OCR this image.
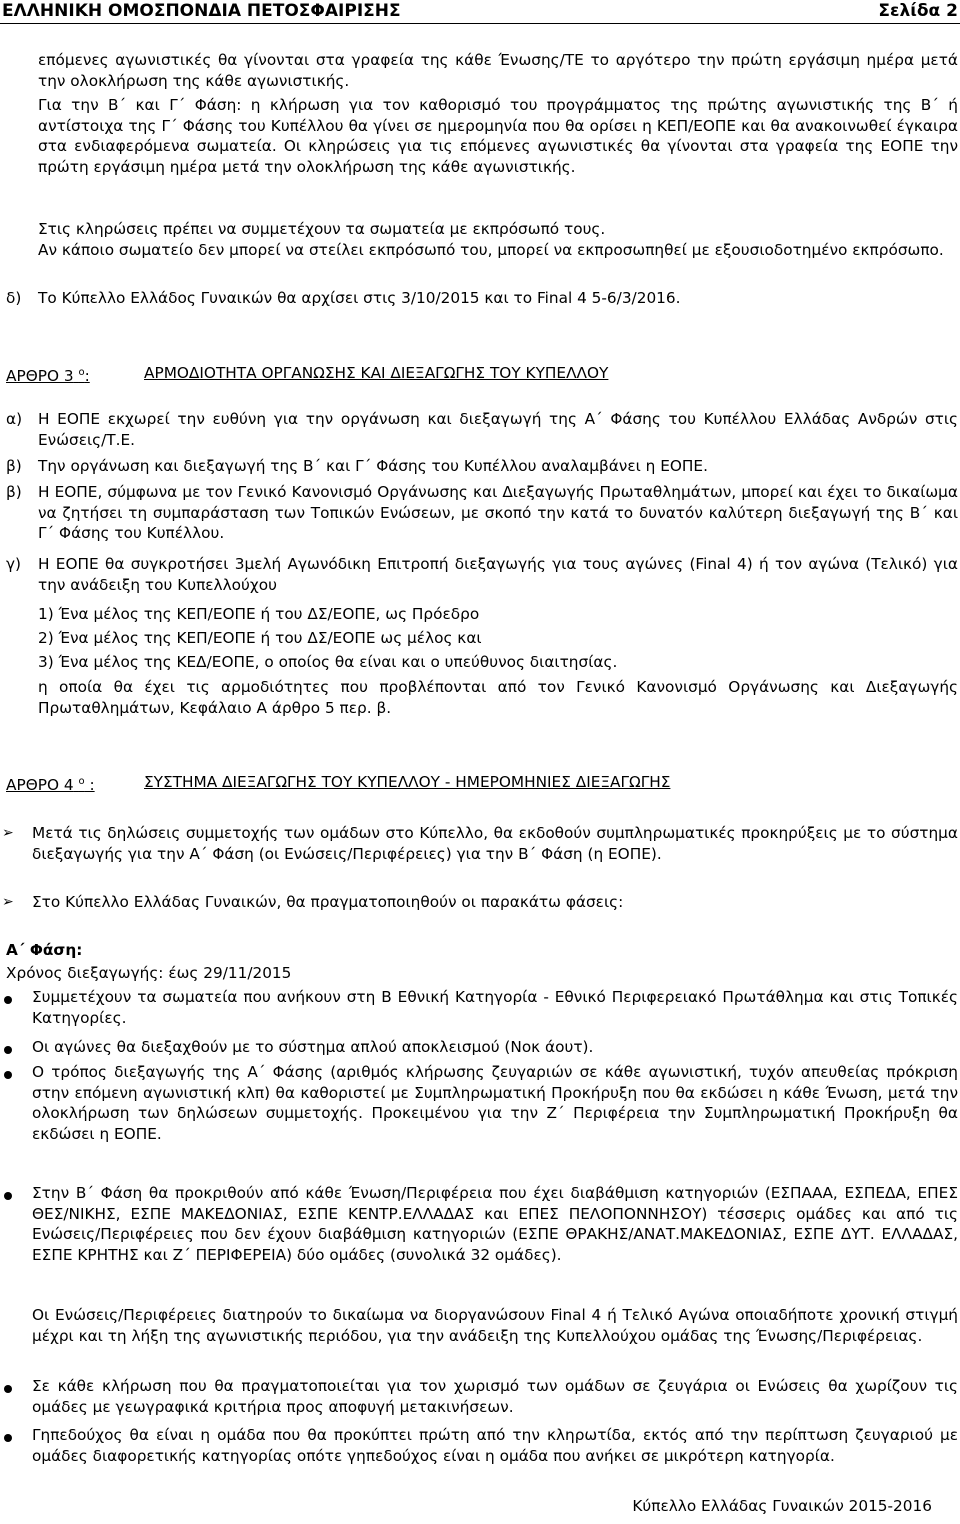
ΕΛΛΗΝΙΚΗ ΟΜΟΣΠΟΝΔΙΑ ΠΕΤΟΣΦΑΙΡΙΣΗΣ	Σελίδα 2
επόμενες αγωνιστικές θα γίνονται στα γραφεία της κάθε Ένωσης/ΤΕ το αργότερο την πρώτη εργάσιμη ημέρα μετά την ολοκλήρωση της κάθε αγωνιστικής.
Για την Β΄ και Γ΄ Φάση: η κλήρωση για τον καθορισμό του προγράμματος της πρώτης αγωνιστικής της Β΄ ή αντίστοιχα της Γ΄ Φάσης του Κυπέλλου θα γίνει σε ημερομηνία που θα ορίσει η ΚΕΠ/ΕΟΠΕ και θα ανακοινωθεί έγκαιρα στα ενδιαφερόμενα σωματεία. Οι κληρώσεις για τις επόμενες αγωνιστικές θα γίνονται στα γραφεία της ΕΟΠΕ την πρώτη εργάσιμη ημέρα μετά την ολοκλήρωση της κάθε αγωνιστικής.
Στις κληρώσεις πρέπει να συμμετέχουν τα σωματεία με εκπρόσωπό τους.
Αν κάποιο σωματείο δεν μπορεί να στείλει εκπρόσωπό του, μπορεί να εκπροσωπηθεί με εξουσιοδοτημένο εκπρόσωπο.
δ) Το Κύπελλο Ελλάδος Γυναικών θα αρχίσει στις 3/10/2015 και το Final 4 5-6/3/2016.
ΑΡΘΡΟ 3 $^o$:	ΑΡΜΟΔΙΟΤΗΤΑ ΟΡΓΑΝΩΣΗΣ ΚΑΙ ΔΙΕΞΑΓΩΓΗΣ ΤΟΥ ΚΥΠΕΛΛΟΥ
α) Η ΕΟΠΕ εκχωρεί την ευθύνη για την οργάνωση και διεξαγωγή της Α΄ Φάσης του Κυπέλλου Ελλάδας Ανδρών στις Ενώσεις/Τ.Ε.
β) Την οργάνωση και διεξαγωγή της Β΄ και Γ΄ Φάσης του Κυπέλλου αναλαμβάνει η ΕΟΠΕ.
β) Η ΕΟΠΕ, σύμφωνα με τον Γενικό Κανονισμό Οργάνωσης και Διεξαγωγής Πρωταθλημάτων, μπορεί και έχει το δικαίωμα να ζητήσει τη συμπαράσταση των Τοπικών Ενώσεων, με σκοπό την κατά το δυνατόν καλύτερη διεξαγωγή της Β΄ και Γ΄ Φάσης του Κυπέλλου.
γ) Η ΕΟΠΕ θα συγκροτήσει 3μελή Αγωνόδικη Επιτροπή διεξαγωγής για τους αγώνες (Final 4) ή τον αγώνα (Τελικό) για την ανάδειξη του Κυπελλούχου
1) Ένα μέλος της ΚΕΠ/ΕΟΠΕ ή του ΔΣ/ΕΟΠΕ, ως Πρόεδρο
2) Ένα μέλος της ΚΕΠ/ΕΟΠΕ ή του ΔΣ/ΕΟΠΕ ως μέλος και
3) Ένα μέλος της ΚΕΔ/ΕΟΠΕ, ο οποίος θα είναι και ο υπεύθυνος διαιτησίας.
η οποία θα έχει τις αρμοδιότητες που προβλέπονται από τον Γενικό Κανονισμό Οργάνωσης και Διεξαγωγής Πρωταθλημάτων, Κεφάλαιο Α άρθρο 5 περ. β.
ΑΡΘΡΟ 4 $^o$ :	ΣΥΣΤΗΜΑ ΔΙΕΞΑΓΩΓΗΣ ΤΟΥ ΚΥΠΕΛΛΟΥ - ΗΜΕΡΟΜΗΝΙΕΣ ΔΙΕΞΑΓΩΓΗΣ
➢ Μετά τις δηλώσεις συμμετοχής των ομάδων στο Κύπελλο, θα εκδοθούν συμπληρωματικές προκηρύξεις με το σύστημα διεξαγωγής για την Α΄ Φάση (οι Ενώσεις/Περιφέρειες) για την Β΄ Φάση (η ΕΟΠΕ).
➢ Στο Κύπελλο Ελλάδας Γυναικών, θα πραγματοποιηθούν οι παρακάτω φάσεις:
Α΄ Φάση:
Χρόνος διεξαγωγής: έως 29/11/2015
Συμμετέχουν τα σωματεία που ανήκουν στη Β Εθνική Κατηγορία - Εθνικό Περιφερειακό Πρωτάθλημα και στις Τοπικές Κατηγορίες.
Οι αγώνες θα διεξαχθούν με το σύστημα απλού αποκλεισμού (Νοκ άουτ).
Ο τρόπος διεξαγωγής της Α΄ Φάσης (αριθμός κλήρωσης ζευγαριών σε κάθε αγωνιστική, τυχόν απευθείας πρόκριση στην επόμενη αγωνιστική κλπ) θα καθοριστεί με Συμπληρωματική Προκήρυξη που θα εκδώσει η κάθε Ένωση, μετά την ολοκλήρωση των δηλώσεων συμμετοχής. Προκειμένου για την Ζ΄ Περιφέρεια την Συμπληρωματική Προκήρυξη θα εκδώσει η ΕΟΠΕ.
Στην Β΄ Φάση θα προκριθούν από κάθε Ένωση/Περιφέρεια που έχει διαβάθμιση κατηγοριών (ΕΣΠΑΑΑ, ΕΣΠΕΔΑ, ΕΠΕΣ ΘΕΣ/ΝΙΚΗΣ, ΕΣΠΕ ΜΑΚΕΔΟΝΙΑΣ, ΕΣΠΕ ΚΕΝΤΡ.ΕΛΛΑΔΑΣ και ΕΠΕΣ ΠΕΛΟΠΟΝΝΗΣΟΥ) τέσσερις ομάδες και από τις Ενώσεις/Περιφέρειες που δεν έχουν διαβάθμιση κατηγοριών (ΕΣΠΕ ΘΡΑΚΗΣ/ΑΝΑΤ.ΜΑΚΕΔΟΝΙΑΣ, ΕΣΠΕ ΔΥΤ. ΕΛΛΑΔΑΣ, ΕΣΠΕ ΚΡΗΤΗΣ και Ζ΄ ΠΕΡΙΦΕΡΕΙΑ) δύο ομάδες (συνολικά 32 ομάδες).
Οι Ενώσεις/Περιφέρειες διατηρούν το δικαίωμα να διοργανώσουν Final 4 ή Τελικό Αγώνα οποιαδήποτε χρονική στιγμή μέχρι και τη λήξη της αγωνιστικής περιόδου, για την ανάδειξη της Κυπελλούχου ομάδας της Ένωσης/Περιφέρειας.
Σε κάθε κλήρωση που θα πραγματοποιείται για τον χωρισμό των ομάδων σε ζευγάρια οι Ενώσεις θα χωρίζουν τις ομάδες με γεωγραφικά κριτήρια προς αποφυγή μετακινήσεων.
Γηπεδούχος θα είναι η ομάδα που θα προκύπτει πρώτη από την κληρωτίδα, εκτός από την περίπτωση ζευγαριού με ομάδες διαφορετικής κατηγορίας οπότε γηπεδούχος είναι η ομάδα που ανήκει σε μικρότερη κατηγορία.
Κύπελλο Ελλάδας Γυναικών 2015-2016
